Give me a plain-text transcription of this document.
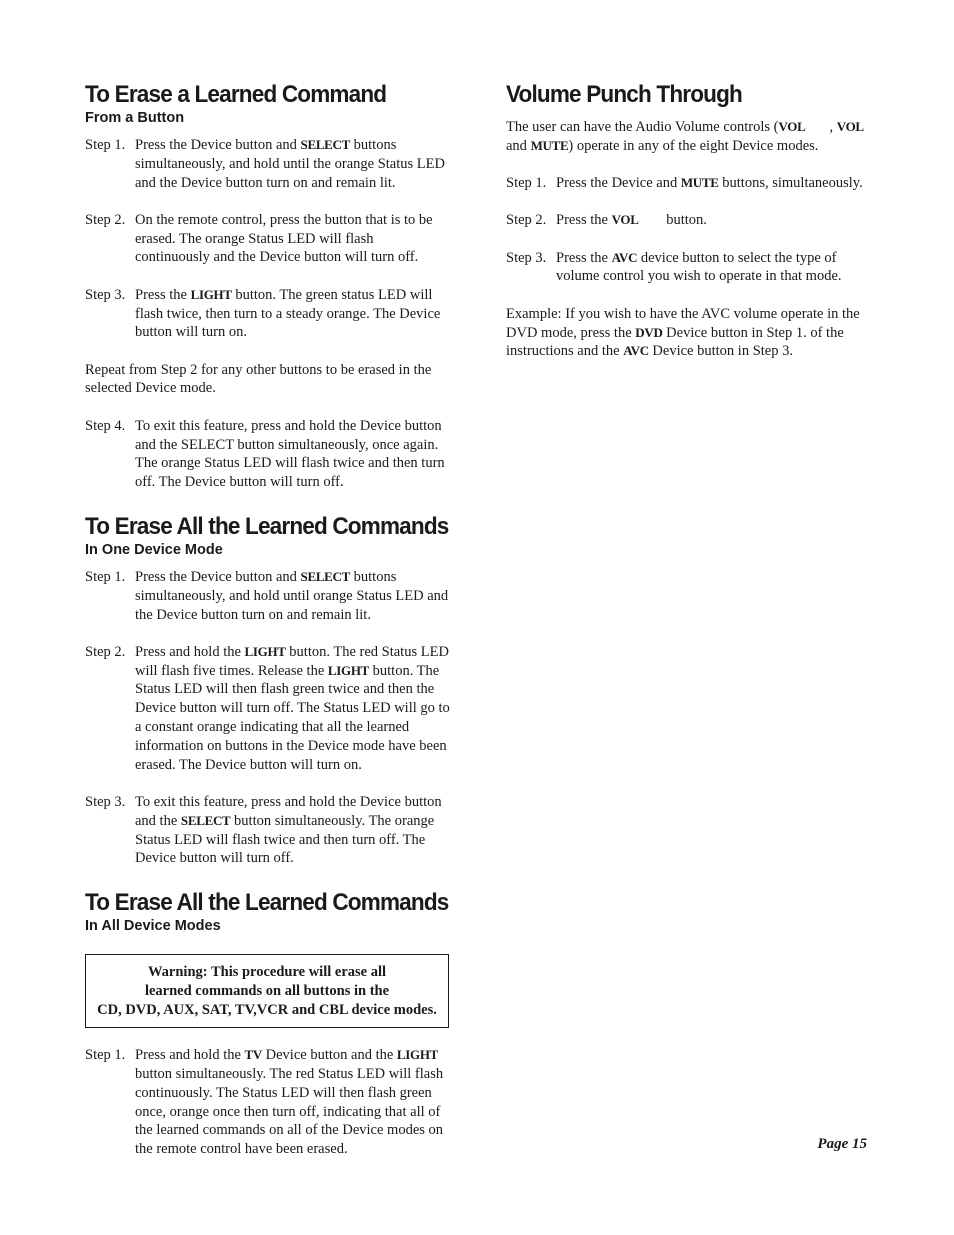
To Erase a Learned Command
From a Button
Step 1. Press the Device button and SELECT buttons simultaneously, and hold until the orange Status LED and the Device button turn on and remain lit.
Step 2. On the remote control, press the button that is to be erased. The orange Status LED will flash continuously and the Device button will turn off.
Step 3. Press the LIGHT button. The green status LED will flash twice, then turn to a steady orange. The Device button will turn on.

Repeat from Step 2 for any other buttons to be erased in the selected Device mode.

Step 4. To exit this feature, press and hold the Device button and the SELECT button simultaneously, once again. The orange Status LED will flash twice and then turn off. The Device button will turn off.
To Erase All the Learned Commands
In One Device Mode
Step 1. Press the Device button and SELECT buttons simultaneously, and hold until orange Status LED and the Device button turn on and remain lit.
Step 2. Press and hold the LIGHT button. The red Status LED will flash five times. Release the LIGHT button. The Status LED will then flash green twice and then the Device button will turn off. The Status LED will go to a constant orange indicating that all the learned information on buttons in the Device mode have been erased. The Device button will turn on.
Step 3. To exit this feature, press and hold the Device button and the SELECT button simultaneously. The orange Status LED will flash twice and then turn off. The Device button will turn off.
To Erase All the Learned Commands
In All Device Modes
Warning: This procedure will erase all
learned commands on all buttons in the
CD, DVD, AUX, SAT, TV,VCR and CBL device modes.
Step 1. Press and hold the TV Device button and the LIGHT button simultaneously. The red Status LED will flash continuously. The Status LED will then flash green once, orange once then turn off, indicating that all of the learned commands on all of the Device modes on the remote control have been erased.
Volume Punch Through

The user can have the Audio Volume controls (VOL , VOL
and MUTE) operate in any of the eight Device modes.

Step 1. Press the Device and MUTE buttons, simultaneously.
Step 2. Press the VOL button.
Step 3. Press the AVC device button to select the type of volume control you wish to operate in that mode.

Example: If you wish to have the AVC volume operate in the DVD mode, press the DVD Device button in Step 1. of the instructions and the AVC Device button in Step 3.

Page 15
